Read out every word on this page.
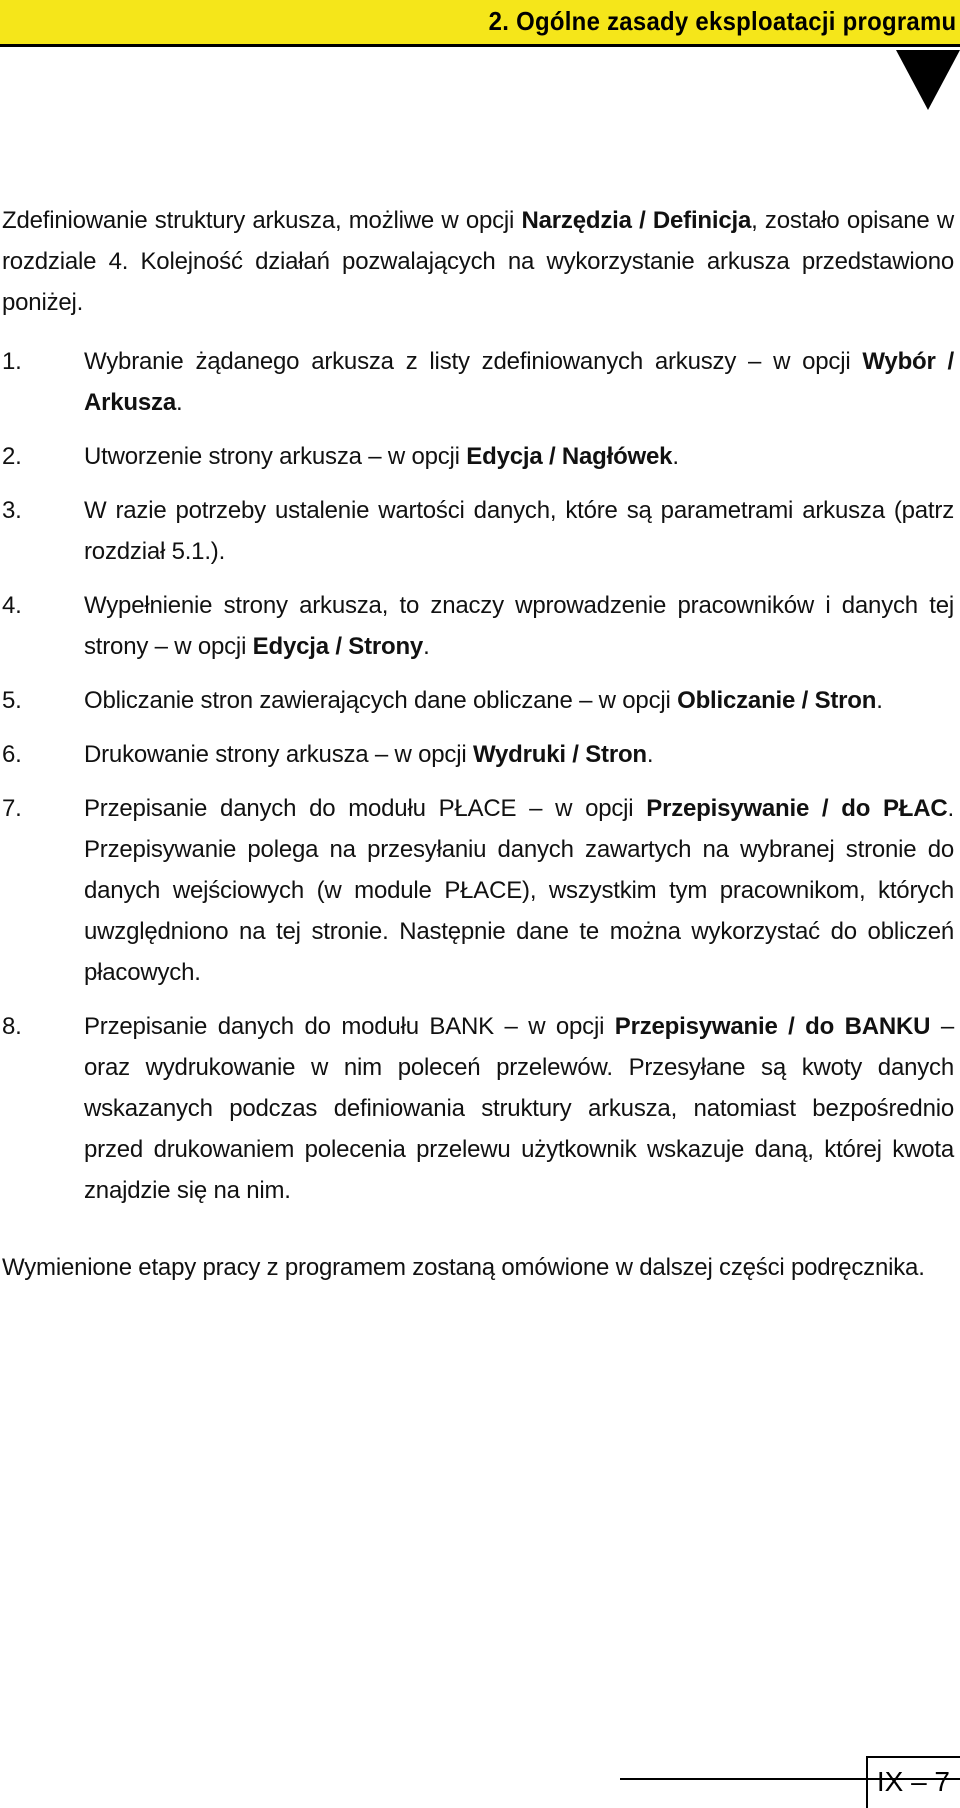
2. Ogólne zasady eksploatacji programu

Zdefiniowanie struktury arkusza, możliwe w opcji Narzędzia / Definicja, zostało opisane w rozdziale 4. Kolejność działań pozwalających na wykorzystanie arkusza przedstawiono poniżej.

1.	Wybranie żądanego arkusza z listy zdefiniowanych arkuszy – w opcji Wybór / Arkusza.

2.	Utworzenie strony arkusza – w opcji Edycja / Nagłówek.

3.	W razie potrzeby ustalenie wartości danych, które są parametrami arkusza (patrz rozdział 5.1.).

4.	Wypełnienie strony arkusza, to znaczy wprowadzenie pracowników i danych tej strony – w opcji Edycja / Strony.

5.	Obliczanie stron zawierających dane obliczane – w opcji Obliczanie / Stron.

6.	Drukowanie strony arkusza – w opcji Wydruki / Stron.

7.	Przepisanie danych do modułu PŁACE – w opcji Przepisywanie / do PŁAC. Przepisywanie polega na przesyłaniu danych zawartych na wybranej stronie do danych wejściowych (w module PŁACE), wszystkim tym pracownikom, których uwzględniono na tej stronie. Następnie dane te można wykorzystać do obliczeń płacowych.

8.	Przepisanie danych do modułu BANK – w opcji Przepisywanie / do BANKU – oraz wydrukowanie w nim poleceń przelewów. Przesyłane są kwoty danych wskazanych podczas definiowania struktury arkusza, natomiast bezpośrednio przed drukowaniem polecenia przelewu użytkownik wskazuje daną, której kwota znajdzie się na nim.

Wymienione etapy pracy z programem zostaną omówione w dalszej części podręcznika.

IX – 7
